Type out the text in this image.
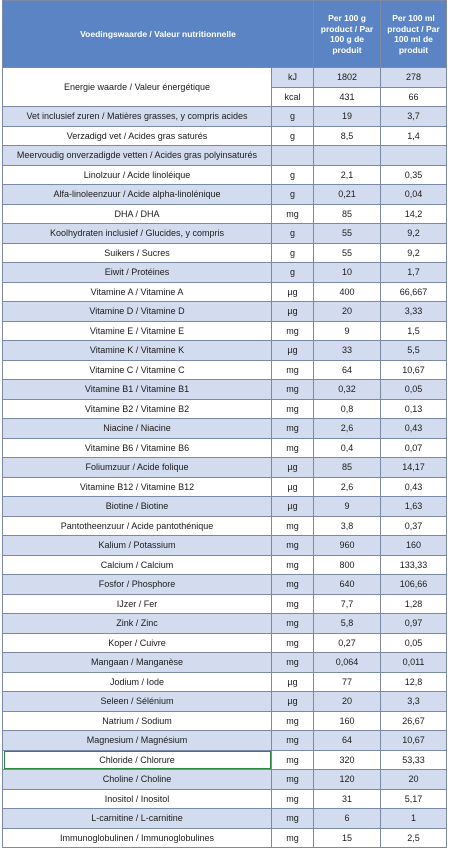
Voedingswaarde / Valeur nutritionnelle		Per 100 g product / Par 100 g de produit	Per 100 ml product / Par 100 ml de produit
Energie waarde / Valeur énergétique	kJ	1802	278
	kcal	431	66
Vet inclusief zuren / Matières grasses, y compris acides	g	19	3,7
Verzadigd vet / Acides gras saturés	g	8,5	1,4
Meervoudig onverzadigde vetten / Acides gras polyinsaturés			
Linolzuur / Acide linoléique	g	2,1	0,35
Alfa-linoleenzuur / Acide alpha-linolénique	g	0,21	0,04
DHA / DHA	mg	85	14,2
Koolhydraten inclusief / Glucides, y compris	g	55	9,2
Suikers / Sucres	g	55	9,2
Eiwit / Protéines	g	10	1,7
Vitamine A / Vitamine A	µg	400	66,667
Vitamine D / Vitamine D	µg	20	3,33
Vitamine E / Vitamine E	mg	9	1,5
Vitamine K / Vitamine K	µg	33	5,5
Vitamine C / Vitamine C	mg	64	10,67
Vitamine B1 / Vitamine B1	mg	0,32	0,05
Vitamine B2 / Vitamine B2	mg	0,8	0,13
Niacine / Niacine	mg	2,6	0,43
Vitamine B6 / Vitamine B6	mg	0,4	0,07
Foliumzuur / Acide folique	µg	85	14,17
Vitamine B12 / Vitamine B12	µg	2,6	0,43
Biotine / Biotine	µg	9	1,63
Pantotheenzuur / Acide pantothénique	mg	3,8	0,37
Kalium / Potassium	mg	960	160
Calcium / Calcium	mg	800	133,33
Fosfor / Phosphore	mg	640	106,66
IJzer / Fer	mg	7,7	1,28
Zink / Zinc	mg	5,8	0,97
Koper / Cuivre	mg	0,27	0,05
Mangaan / Manganèse	mg	0,064	0,011
Jodium / Iode	µg	77	12,8
Seleen / Sélénium	µg	20	3,3
Natrium / Sodium	mg	160	26,67
Magnesium / Magnésium	mg	64	10,67
Chloride / Chlorure	mg	320	53,33
Choline / Choline	mg	120	20
Inositol / Inositol	mg	31	5,17
L-carnitine / L-carnitine	mg	6	1
Immunoglobulinen / Immunoglobulines	mg	15	2,5
